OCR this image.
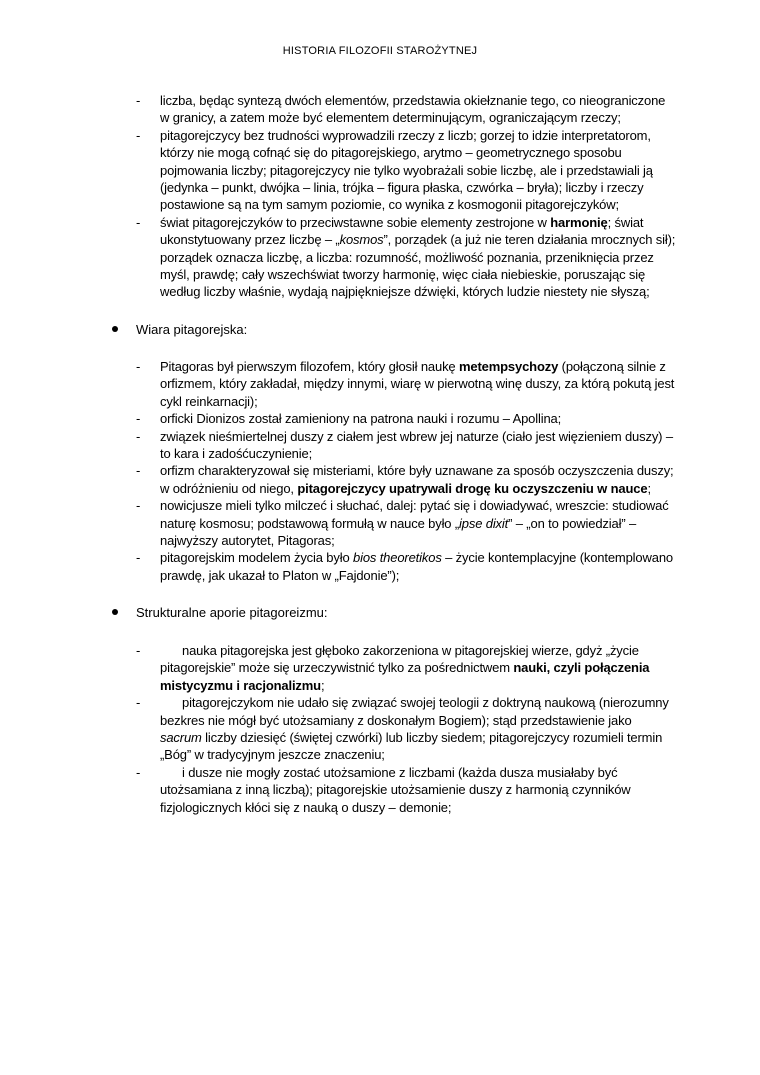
HISTORIA FILOZOFII STAROŻYTNEJ
- liczba, będąc syntezą dwóch elementów, przedstawia okiełznanie tego, co nieograniczone w granicy, a zatem może być elementem determinującym, ograniczającym rzeczy;
- pitagorejczycy bez trudności wyprowadzili rzeczy z liczb; gorzej to idzie interpretatorom, którzy nie mogą cofnąć się do pitagorejskiego, arytmo – geometrycznego sposobu pojmowania liczby; pitagorejczycy nie tylko wyobrażali sobie liczbę, ale i przedstawiali ją (jedynka – punkt, dwójka – linia, trójka – figura płaska, czwórka – bryła); liczby i rzeczy postawione są na tym samym poziomie, co wynika z kosmogonii pitagorejczyków;
- świat pitagorejczyków to przeciwstawne sobie elementy zestrojone w harmonię; świat ukonstytuowany przez liczbę – „kosmos”, porządek (a już nie teren działania mrocznych sił); porządek oznacza liczbę, a liczba: rozumność, możliwość poznania, przeniknięcia przez myśl, prawdę; cały wszechświat tworzy harmonię, więc ciała niebieskie, poruszając się według liczby właśnie, wydają najpiękniejsze dźwięki, których ludzie niestety nie słyszą;
Wiara pitagorejska:
- Pitagoras był pierwszym filozofem, który głosił naukę metempsychozy (połączoną silnie z orfizmem, który zakładał, między innymi, wiarę w pierwotną winę duszy, za którą pokutą jest cykl reinkarnacji);
- orficki Dionizos został zamieniony na patrona nauki i rozumu – Apollina;
- związek nieśmiertelnej duszy z ciałem jest wbrew jej naturze (ciało jest więzieniem duszy) – to kara i zadośćuczynienie;
- orfizm charakteryzował się misteriami, które były uznawane za sposób oczyszczenia duszy; w odróżnieniu od niego, pitagorejczycy upatrywali drogę ku oczyszczeniu w nauce;
- nowicjusze mieli tylko milczeć i słuchać, dalej: pytać się i dowiadywać, wreszcie: studiować naturę kosmosu; podstawową formułą w nauce było „ipse dixit” – „on to powiedział” – najwyższy autorytet, Pitagoras;
- pitagorejskim modelem życia było bios theoretikos – życie kontemplacyjne (kontemplowano prawdę, jak ukazał to Platon w „Fajdonie”);
Strukturalne aporie pitagoreizmu:
- nauka pitagorejska jest głęboko zakorzeniona w pitagorejskiej wierze, gdyż „życie pitagorejskie” może się urzeczywistnić tylko za pośrednictwem nauki, czyli połączenia mistycyzmu i racjonalizmu;
- pitagorejczykom nie udało się związać swojej teologii z doktryną naukową (nierozumny bezkres nie mógł być utożsamiany z doskonałym Bogiem); stąd przedstawienie jako sacrum liczby dziesięć (świętej czwórki) lub liczby siedem; pitagorejczycy rozumieli termin „Bóg” w tradycyjnym jeszcze znaczeniu;
- i dusze nie mogły zostać utożsamione z liczbami (każda dusza musiałaby być utożsamiana z inną liczbą); pitagorejskie utożsamienie duszy z harmonią czynników fizjologicznych kłóci się z nauką o duszy – demonie;
